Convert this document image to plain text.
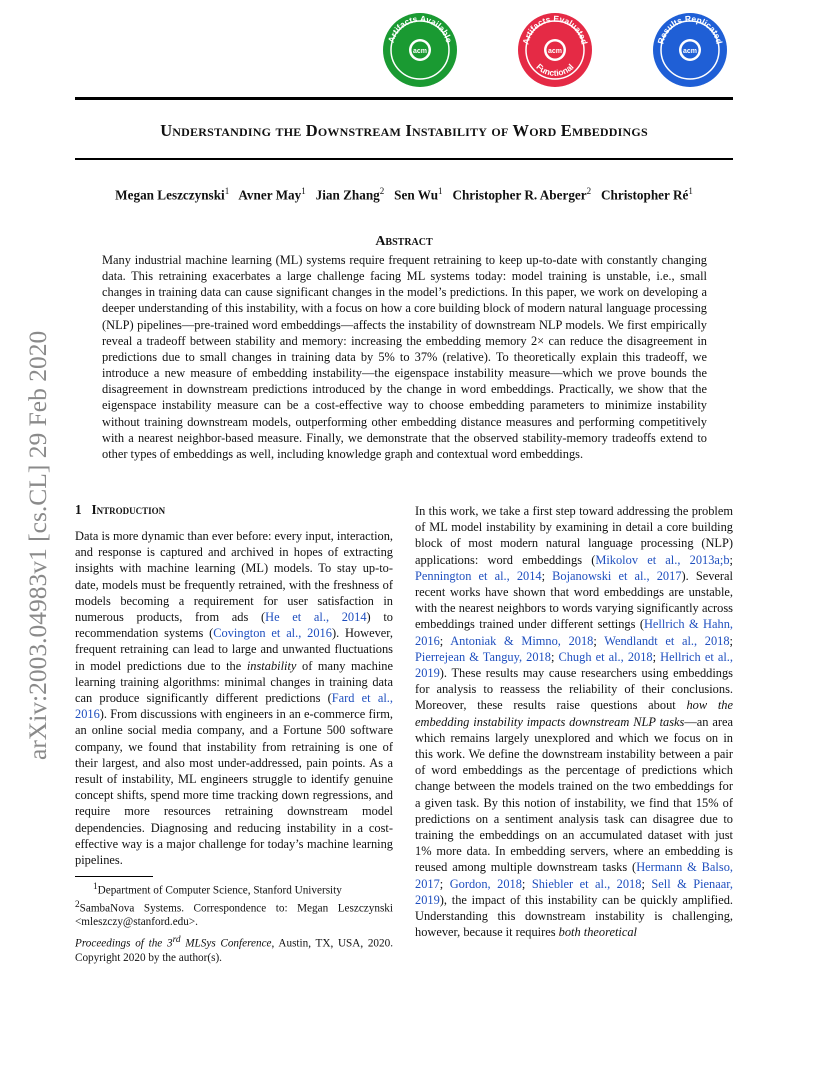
acm
Artifacts Available
acm
Artifacts Evaluated
Functional
acm
Results Replicated
arXiv:2003.04983v1 [cs.CL] 29 Feb 2020
Understanding the Downstream Instability of Word Embeddings
Megan Leszczynski$^1$ Avner May$^1$ Jian Zhang$^2$ Sen Wu$^1$ Christopher R. Aberger$^2$ Christopher $Ré^1$
Abstract
Many industrial machine learning (ML) systems require frequent retraining to keep up-to-date with constantly changing data. This retraining exacerbates a large challenge facing ML systems today: model training is unstable, i.e., small changes in training data can cause significant changes in the model’s predictions. In this paper, we work on developing a deeper understanding of this instability, with a focus on how a core building block of modern natural language processing (NLP) pipelines—pre-trained word embeddings—affects the instability of downstream NLP models. We first empirically reveal a tradeoff between stability and memory: increasing the embedding memory 2× can reduce the disagreement in predictions due to small changes in training data by 5% to 37% (relative). To theoretically explain this tradeoff, we introduce a new measure of embedding instability—the eigenspace instability measure—which we prove bounds the disagreement in downstream predictions introduced by the change in word embeddings. Practically, we show that the eigenspace instability measure can be a cost-effective way to choose embedding parameters to minimize instability without training downstream models, outperforming other embedding distance measures and performing competitively with a nearest neighbor-based measure. Finally, we demonstrate that the observed stability-memory tradeoffs extend to other types of embeddings as well, including knowledge graph and contextual word embeddings.
1 Introduction
Data is more dynamic than ever before: every input, interaction, and response is captured and archived in hopes of extracting insights with machine learning (ML) models. To stay up-to-date, models must be frequently retrained, with the freshness of models becoming a requirement for user satisfaction in numerous products, from ads (He et al., 2014) to recommendation systems (Covington et al., 2016). However, frequent retraining can lead to large and unwanted fluctuations in model predictions due to the instability of many machine learning training algorithms: minimal changes in training data can produce significantly different predictions (Fard et al., 2016). From discussions with engineers in an e-commerce firm, an online social media company, and a Fortune 500 software company, we found that instability from retraining is one of their largest, and also most under-addressed, pain points. As a result of instability, ML engineers struggle to identify genuine concept shifts, spend more time tracking down regressions, and require more resources retraining downstream model dependencies. Diagnosing and reducing instability in a cost-effective way is a major challenge for today’s machine learning pipelines.
$^1$Department of Computer Science, Stanford University
$^2$SambaNova Systems. Correspondence to: Megan Leszczynski <mleszczy@stanford.edu>.
Proceedings of the 3rd MLSys Conference, Austin, TX, USA, 2020. Copyright 2020 by the author(s).
In this work, we take a first step toward addressing the problem of ML model instability by examining in detail a core building block of most modern natural language processing (NLP) applications: word embeddings (Mikolov et al., 2013a;b; Pennington et al., 2014; Bojanowski et al., 2017). Several recent works have shown that word embeddings are unstable, with the nearest neighbors to words varying significantly across embeddings trained under different settings (Hellrich & Hahn, 2016; Antoniak & Mimno, 2018; Wendlandt et al., 2018; Pierrejean & Tanguy, 2018; Chugh et al., 2018; Hellrich et al., 2019). These results may cause researchers using embeddings for analysis to reassess the reliability of their conclusions. Moreover, these results raise questions about how the embedding instability impacts downstream NLP tasks—an area which remains largely unexplored and which we focus on in this work. We define the downstream instability between a pair of word embeddings as the percentage of predictions which change between the models trained on the two embeddings for a given task. By this notion of instability, we find that 15% of predictions on a sentiment analysis task can disagree due to training the embeddings on an accumulated dataset with just 1% more data. In embedding servers, where an embedding is reused among multiple downstream tasks (Hermann & Balso, 2017; Gordon, 2018; Shiebler et al., 2018; Sell & Pienaar, 2019), the impact of this instability can be quickly amplified. Understanding this downstream instability is challenging, however, because it requires both theoretical
